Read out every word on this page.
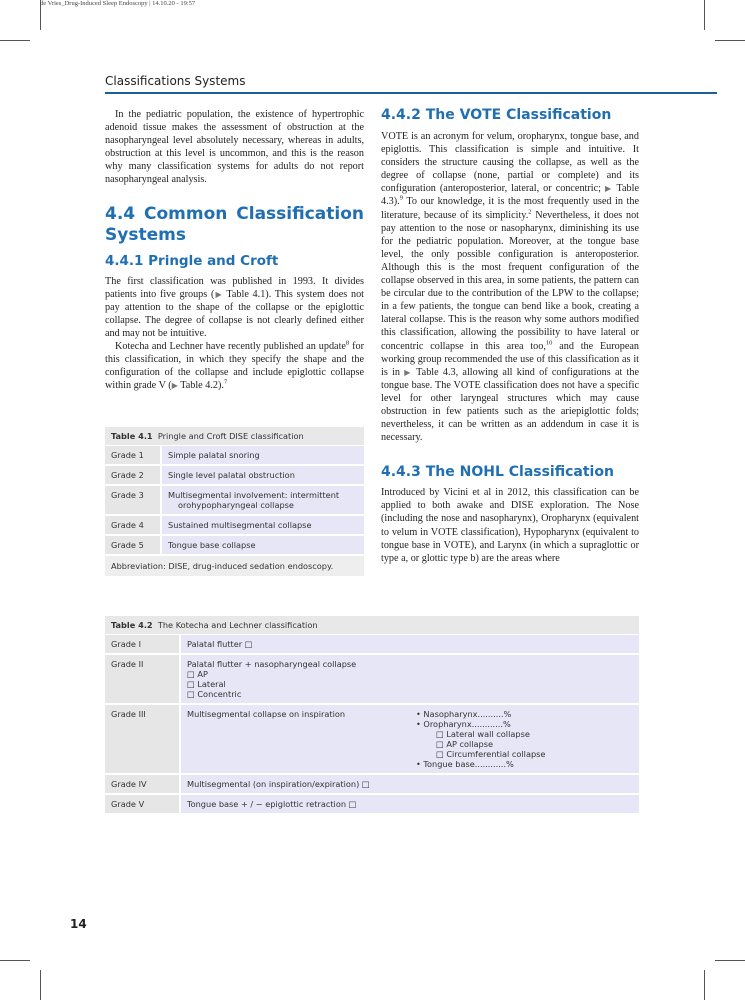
de Vries_Drug-Induced Sleep Endoscopy | 14.10.20 - 19:57
Classifications Systems

In the pediatric population, the existence of hypertrophic adenoid tissue makes the assessment of obstruction at the nasopharyngeal level absolutely necessary, whereas in adults, obstruction at this level is uncommon, and this is the reason why many classification systems for adults do not report nasopharyngeal analysis.

4.4 Common Classification Systems
4.4.1 Pringle and Croft

The first classification was published in 1993. It divides patients into five groups (▶ Table 4.1). This system does not pay attention to the shape of the collapse or the epiglottic collapse. The degree of collapse is not clearly defined either and may not be intuitive.

Kotecha and Lechner have recently published an update$^8$ for this classification, in which they specify the shape and the configuration of the collapse and include epiglottic collapse within grade V (▶ Table 4.2).$^7$

4.4.2 The VOTE Classification

VOTE is an acronym for velum, oropharynx, tongue base, and epiglottis. This classification is simple and intuitive. It considers the structure causing the collapse, as well as the degree of collapse (none, partial or complete) and its configuration (anteroposterior, lateral, or concentric; ▶ Table 4.3).$^9$ To our knowledge, it is the most frequently used in the literature, because of its simplicity.$^2$ Nevertheless, it does not pay attention to the nose or nasopharynx, diminishing its use for the pediatric population. Moreover, at the tongue base level, the only possible configuration is anteroposterior. Although this is the most frequent configuration of the collapse observed in this area, in some patients, the pattern can be circular due to the contribution of the LPW to the collapse; in a few patients, the tongue can bend like a book, creating a lateral collapse. This is the reason why some authors modified this classification, allowing the possibility to have lateral or concentric collapse in this area too,$^{10}$ and the European working group recommended the use of this classification as it is in ▶ Table 4.3, allowing all kind of configurations at the tongue base. The VOTE classification does not have a specific level for other laryngeal structures which may cause obstruction in few patients such as the ariepiglottic folds; nevertheless, it can be written as an addendum in case it is necessary.

4.4.3 The NOHL Classification

Introduced by Vicini et al in 2012, this classification can be applied to both awake and DISE exploration. The Nose (including the nose and nasopharynx), Oropharynx (equivalent to velum in VOTE classification), Hypopharynx (equivalent to tongue base in VOTE), and Larynx (in which a supraglottic or type a, or glottic type b) are the areas where

Table 4.1 Pringle and Croft DISE classification
Grade 1	Simple palatal snoring
Grade 2	Single level palatal obstruction
Grade 3	Multisegmental involvement: intermittent
orohypopharyngeal collapse
Grade 4	Sustained multisegmental collapse
Grade 5	Tongue base collapse
Abbreviation: DISE, drug-induced sedation endoscopy.
Table 4.2 The Kotecha and Lechner classification
Grade I	Palatal flutter □
Grade II	Palatal flutter + nasopharyngeal collapse
□ AP
□ Lateral
□ Concentric
Grade III	Multisegmental collapse on inspiration	• Nasopharynx..........%
• Oropharynx............%
□ Lateral wall collapse
□ AP collapse
□ Circumferential collapse
• Tongue base............%
Grade IV	Multisegmental (on inspiration/expiration) □
Grade V	Tongue base + / − epiglottic retraction □
14
